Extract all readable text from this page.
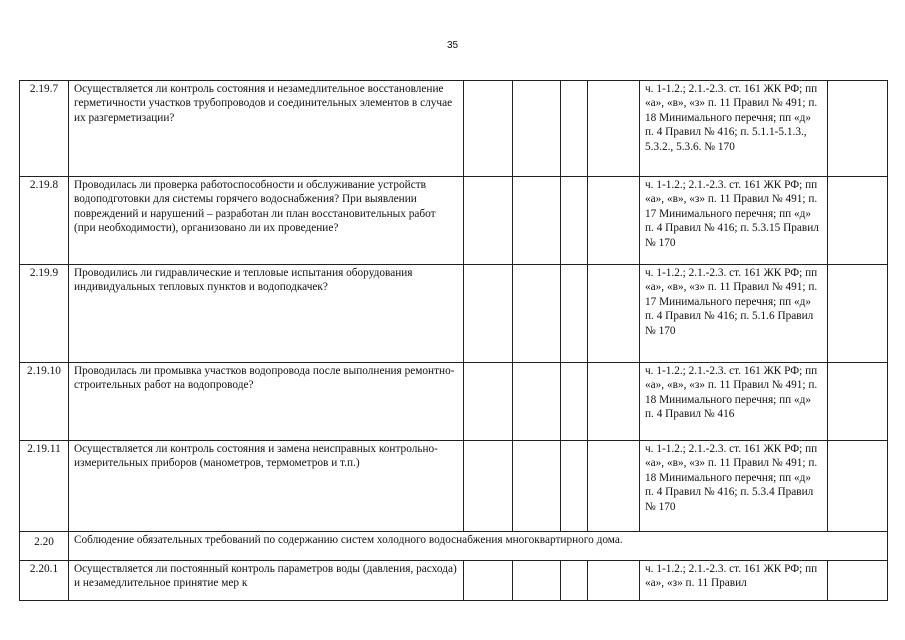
35
2.19.7	Осуществляется ли контроль состояния и незамедлительное восстановление герметичности участков трубопроводов и соединительных элементов в случае их разгерметизации?					ч. 1-1.2.; 2.1.-2.3. ст. 161 ЖК РФ; пп «а», «в», «з» п. 11 Правил № 491; п. 18 Минимального перечня; пп «д» п. 4 Правил № 416; п. 5.1.1-5.1.3., 5.3.2., 5.3.6. № 170	
2.19.8	Проводилась ли проверка работоспособности и обслуживание устройств водоподготовки для системы горячего водоснабжения? При выявлении повреждений и нарушений – разработан ли план восстановительных работ (при необходимости), организовано ли их проведение?					ч. 1-1.2.; 2.1.-2.3. ст. 161 ЖК РФ; пп «а», «в», «з» п. 11 Правил № 491; п. 17 Минимального перечня; пп «д» п. 4 Правил № 416; п. 5.3.15 Правил № 170	
2.19.9	Проводились ли гидравлические и тепловые испытания оборудования индивидуальных тепловых пунктов и водоподкачек?					ч. 1-1.2.; 2.1.-2.3. ст. 161 ЖК РФ; пп «а», «в», «з» п. 11 Правил № 491; п. 17 Минимального перечня; пп «д» п. 4 Правил № 416; п. 5.1.6 Правил № 170	
2.19.10	Проводилась ли промывка участков водопровода после выполнения ремонтно-строительных работ на водопроводе?					ч. 1-1.2.; 2.1.-2.3. ст. 161 ЖК РФ; пп «а», «в», «з» п. 11 Правил № 491; п. 18 Минимального перечня; пп «д» п. 4 Правил № 416	
2.19.11	Осуществляется ли контроль состояния и замена неисправных контрольно-измерительных приборов (манометров, термометров и т.п.)					ч. 1-1.2.; 2.1.-2.3. ст. 161 ЖК РФ; пп «а», «в», «з» п. 11 Правил № 491; п. 18 Минимального перечня; пп «д» п. 4 Правил № 416; п. 5.3.4 Правил № 170	
2.20	Соблюдение обязательных требований по содержанию систем холодного водоснабжения многоквартирного дома.						
2.20.1	Осуществляется ли постоянный контроль параметров воды (давления, расхода) и незамедлительное принятие мер к					ч. 1-1.2.; 2.1.-2.3. ст. 161 ЖК РФ; пп «а», «з» п. 11 Правил	
